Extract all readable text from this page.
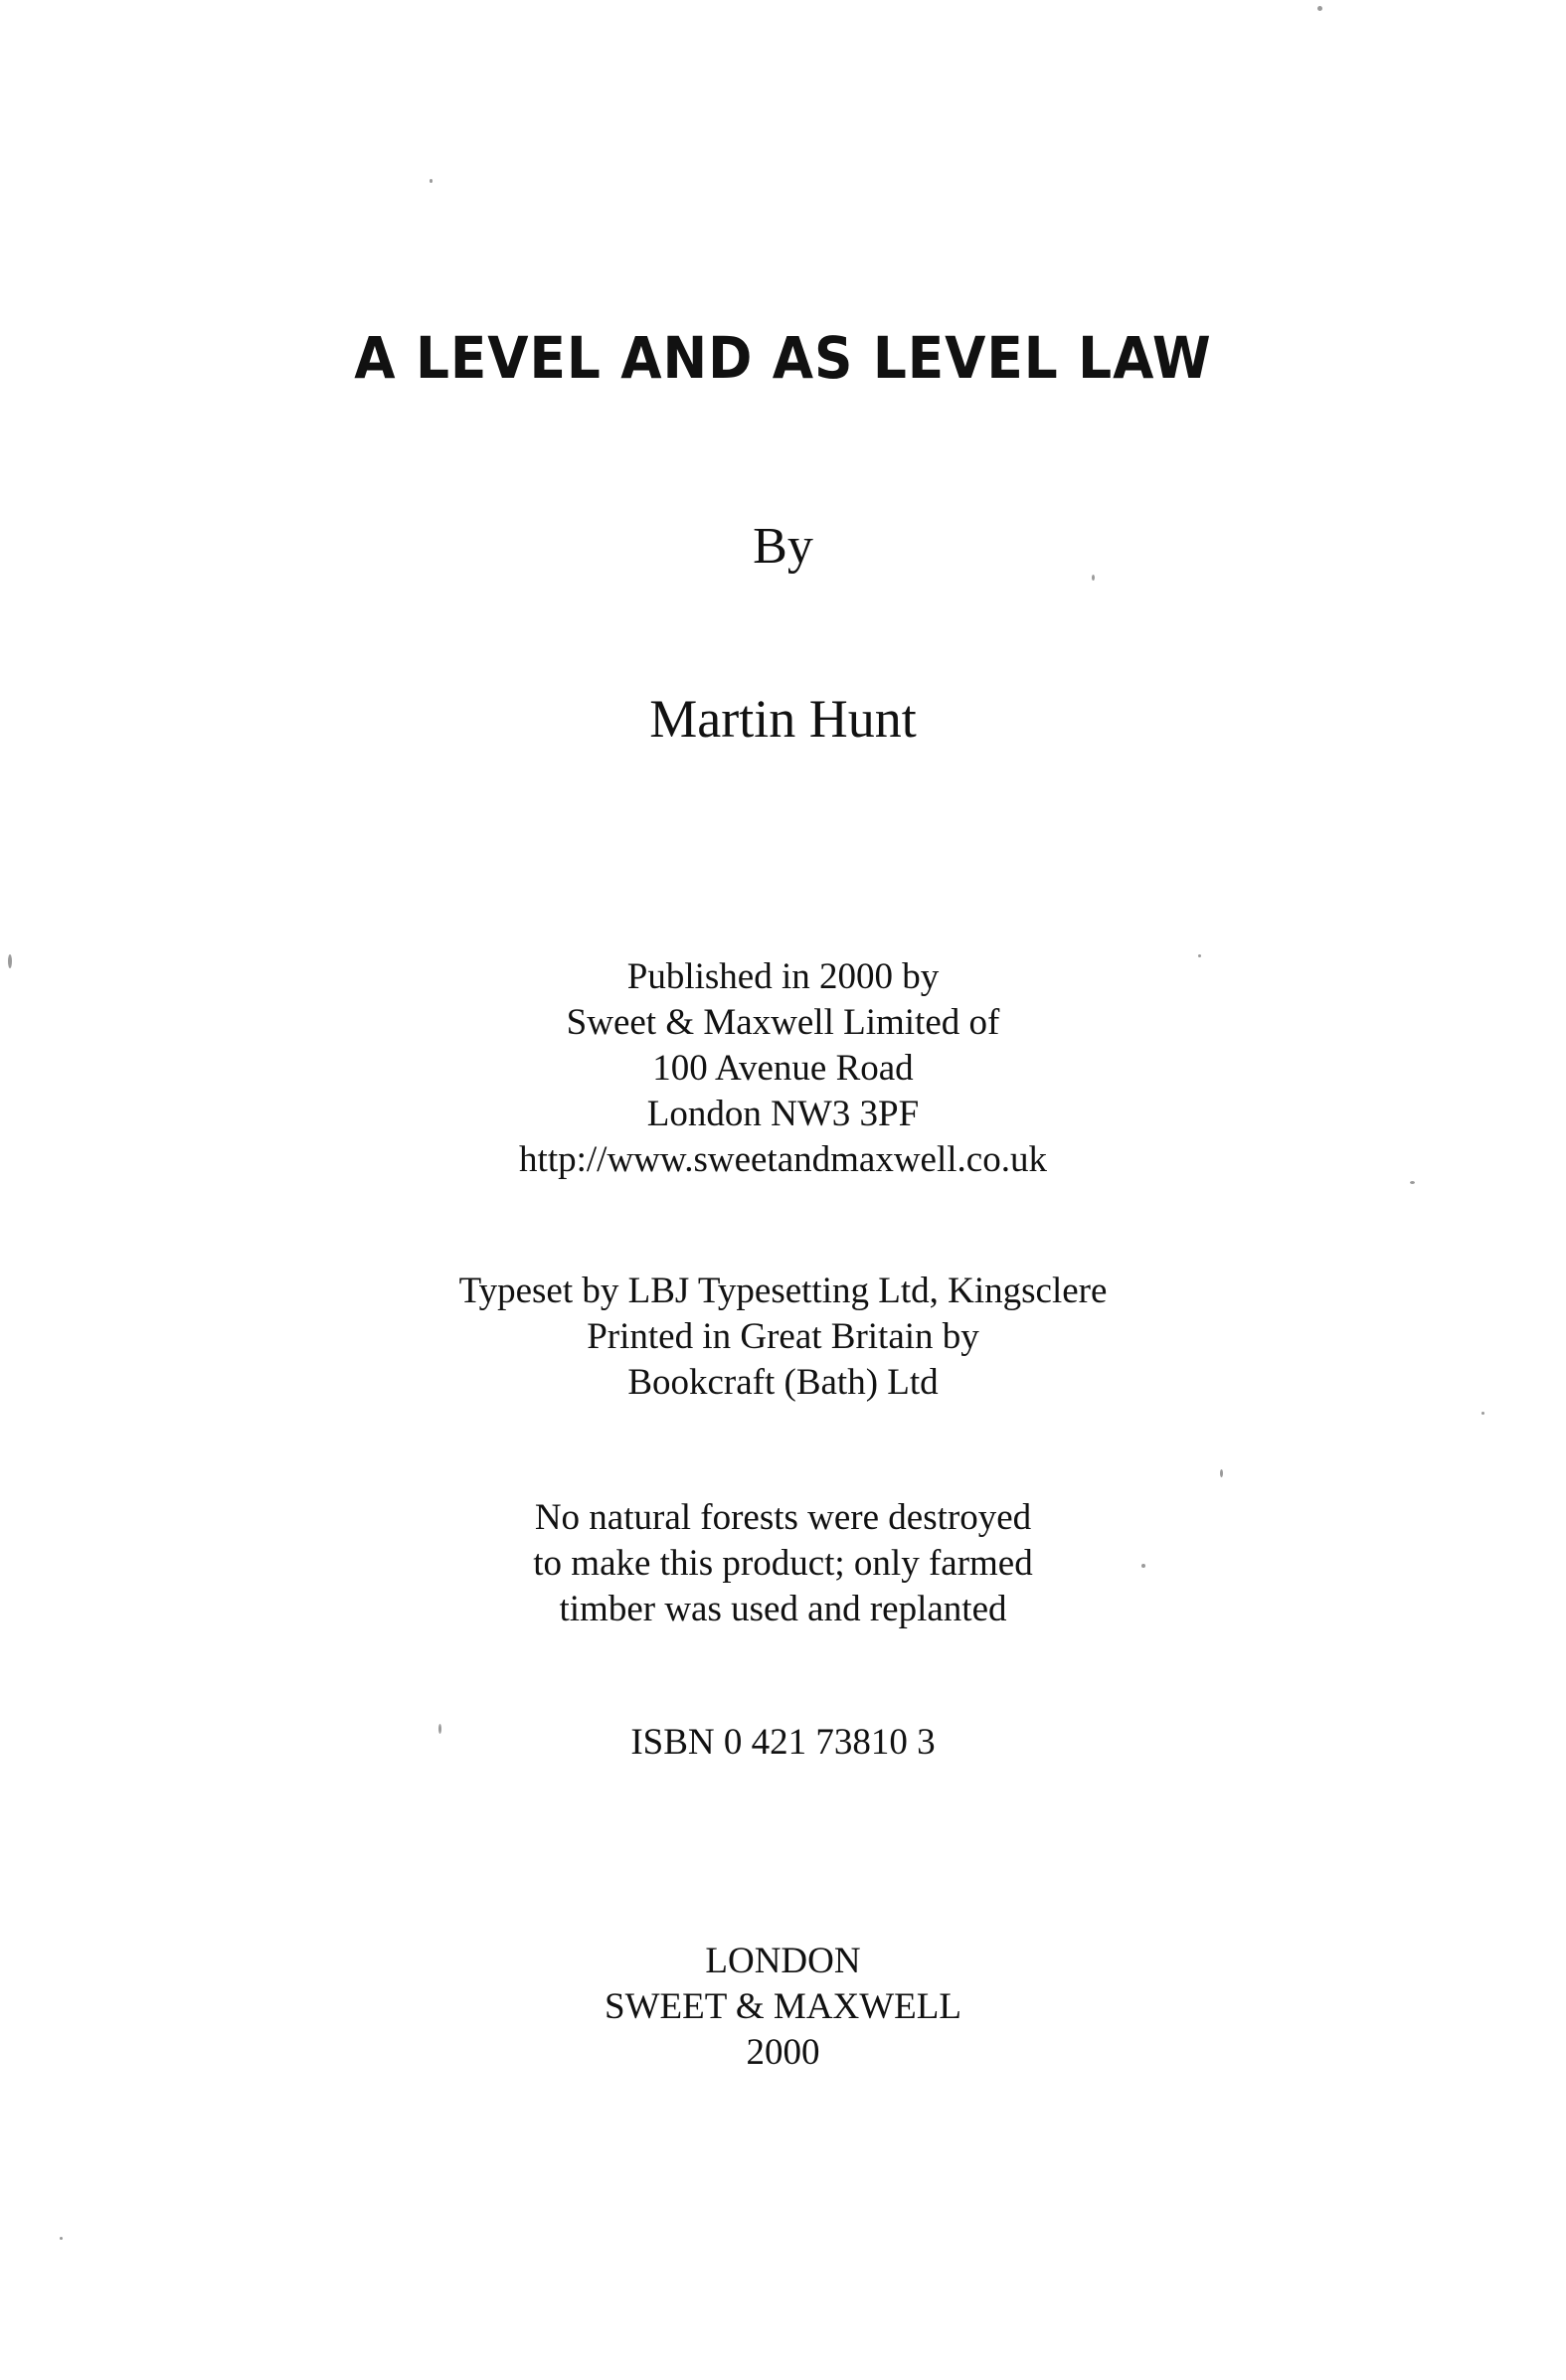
A LEVEL AND AS LEVEL LAW
By
Martin Hunt
Published in 2000 by
Sweet & Maxwell Limited of
100 Avenue Road
London NW3 3PF
http://www.sweetandmaxwell.co.uk
Typeset by LBJ Typesetting Ltd, Kingsclere
Printed in Great Britain by
Bookcraft (Bath) Ltd
No natural forests were destroyed
to make this product; only farmed
timber was used and replanted
ISBN 0 421 73810 3
LONDON
SWEET & MAXWELL
2000
